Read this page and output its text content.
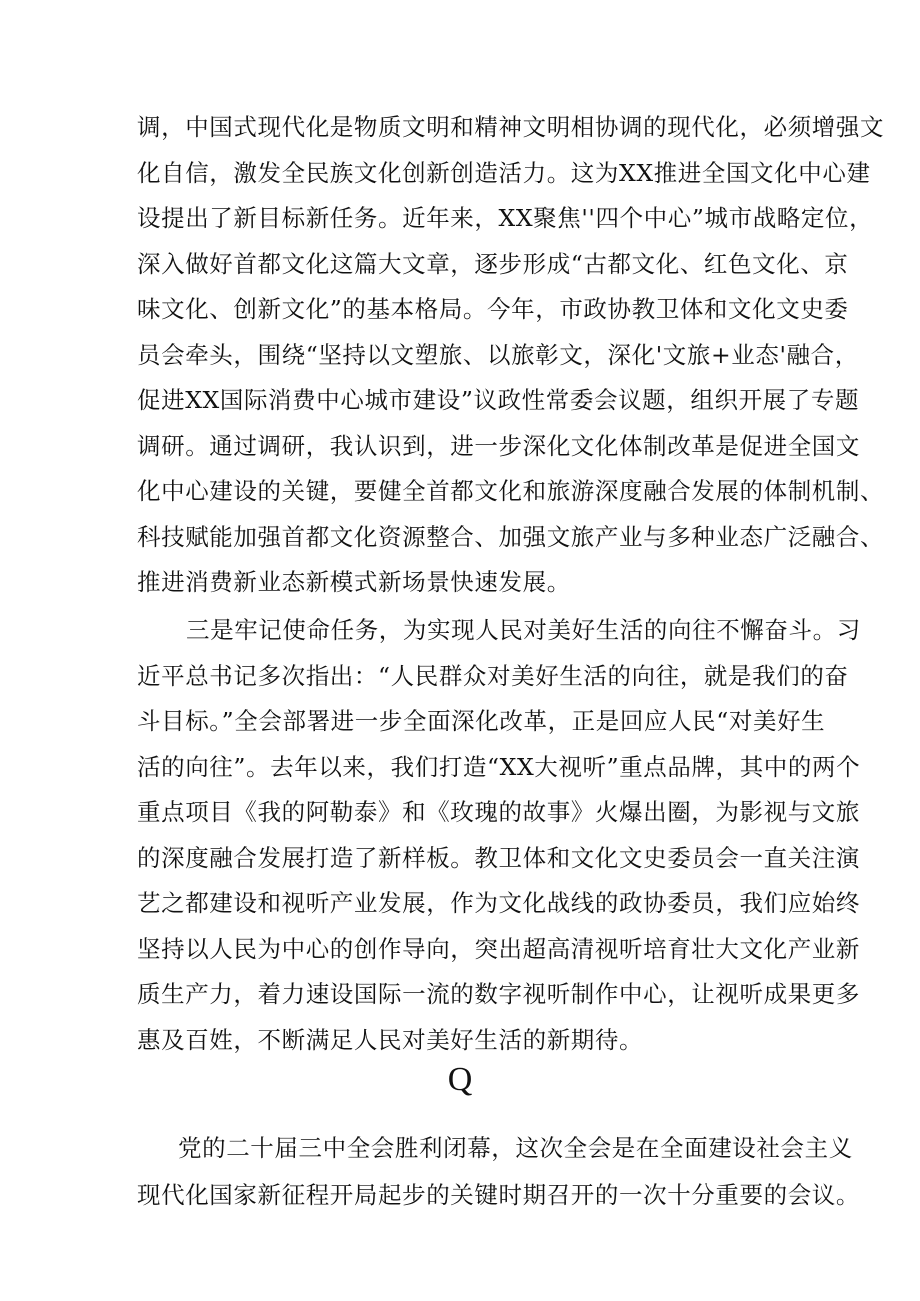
调，中国式现代化是物质文明和精神文明相协调的现代化，必须增强文
化自信，激发全民族文化创新创造活力。这为XX推进全国文化中心建
设提出了新目标新任务。近年来，XX聚焦''四个中心”城市战略定位，
深入做好首都文化这篇大文章，逐步形成“古都文化、红色文化、京
味文化、创新文化”的基本格局。今年，市政协教卫体和文化文史委
员会牵头，围绕“坚持以文塑旅、以旅彰文，深化'文旅+业态'融合，
促进XX国际消费中心城市建设”议政性常委会议题，组织开展了专题
调研。通过调研，我认识到，进一步深化文化体制改革是促进全国文
化中心建设的关键，要健全首都文化和旅游深度融合发展的体制机制、
科技赋能加强首都文化资源整合、加强文旅产业与多种业态广泛融合、
推进消费新业态新模式新场景快速发展。
三是牢记使命任务，为实现人民对美好生活的向往不懈奋斗。习
近平总书记多次指出：“人民群众对美好生活的向往，就是我们的奋
斗目标。”全会部署进一步全面深化改革，正是回应人民“对美好生
活的向往”。去年以来，我们打造“XX大视听”重点品牌，其中的两个
重点项目《我的阿勒泰》和《玫瑰的故事》火爆出圈，为影视与文旅
的深度融合发展打造了新样板。教卫体和文化文史委员会一直关注演
艺之都建设和视听产业发展，作为文化战线的政协委员，我们应始终
坚持以人民为中心的创作导向，突出超高清视听培育壮大文化产业新
质生产力，着力速设国际一流的数字视听制作中心，让视听成果更多
Q
党的二十届三中全会胜利闭幕，这次全会是在全面建设社会主义
现代化国家新征程开局起步的关键时期召开的一次十分重要的会议。
惠及百姓，不断满足人民对美好生活的新期待。
